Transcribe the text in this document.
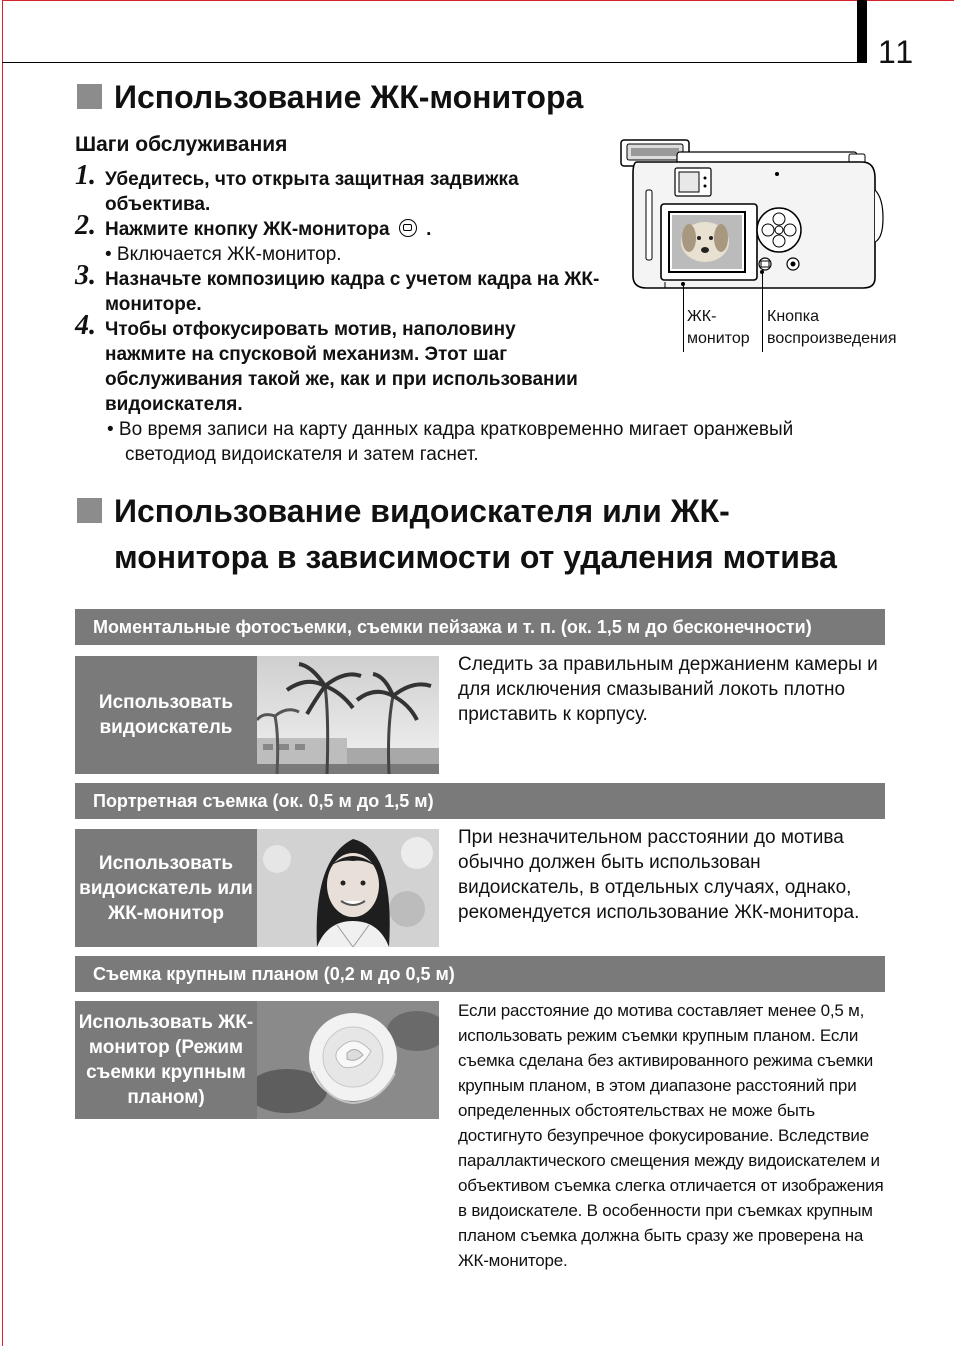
11
Использование ЖК-монитора
Шаги обслуживания
1. Убедитесь, что открыта защитная задвижка объектива.
2. Нажмите кнопку ЖК-монитора .
• Включается ЖК-монитор.
3. Назначьте композицию кадра с учетом кадра на ЖК-мониторе.
4. Чтобы отфокусировать мотив, наполовину нажмите на спусковой механизм. Этот шаг обслуживания такой же, как и при использовании видоискателя.
• Во время записи на карту данных кадра кратковременно мигает оранжевый светодиод видоискателя и затем гаснет.
ЖК-
монитор
Кнопка
воспроизведения
Использование видоискателя или ЖК-
монитора в зависимости от удаления мотива
Моментальные фотосъемки, съемки пейзажа и т. п. (ок. 1,5 м до бесконечности)
Использовать видоискатель
Следить за правильным держаниенм камеры и для исключения смазываний локоть плотно приставить к корпусу.
Портретная съемка (ок. 0,5 м до 1,5 м)
Использовать видоискатель или ЖК-монитор
При незначительном расстоянии до мотива обычно должен быть использован видоискатель, в отдельных случаях, однако, рекомендуется использование ЖК-монитора.
Съемка крупным планом (0,2 м до 0,5 м)
Использовать ЖК-монитор (Режим съемки крупным планом)
Если расстояние до мотива составляет менее 0,5 м, использовать режим съемки крупным планом. Если съемка сделана без активированного режима съемки крупным планом, в этом диапазоне расстояний при определенных обстоятельствах не може быть достигнуто безупречное фокусирование. Вследствие параллактического смещения между видоискателем и объективом съемка слегка отличается от изображения в видоискателе. В особенности при съемках крупным планом съемка должна быть сразу же проверена на ЖК-мониторе.
